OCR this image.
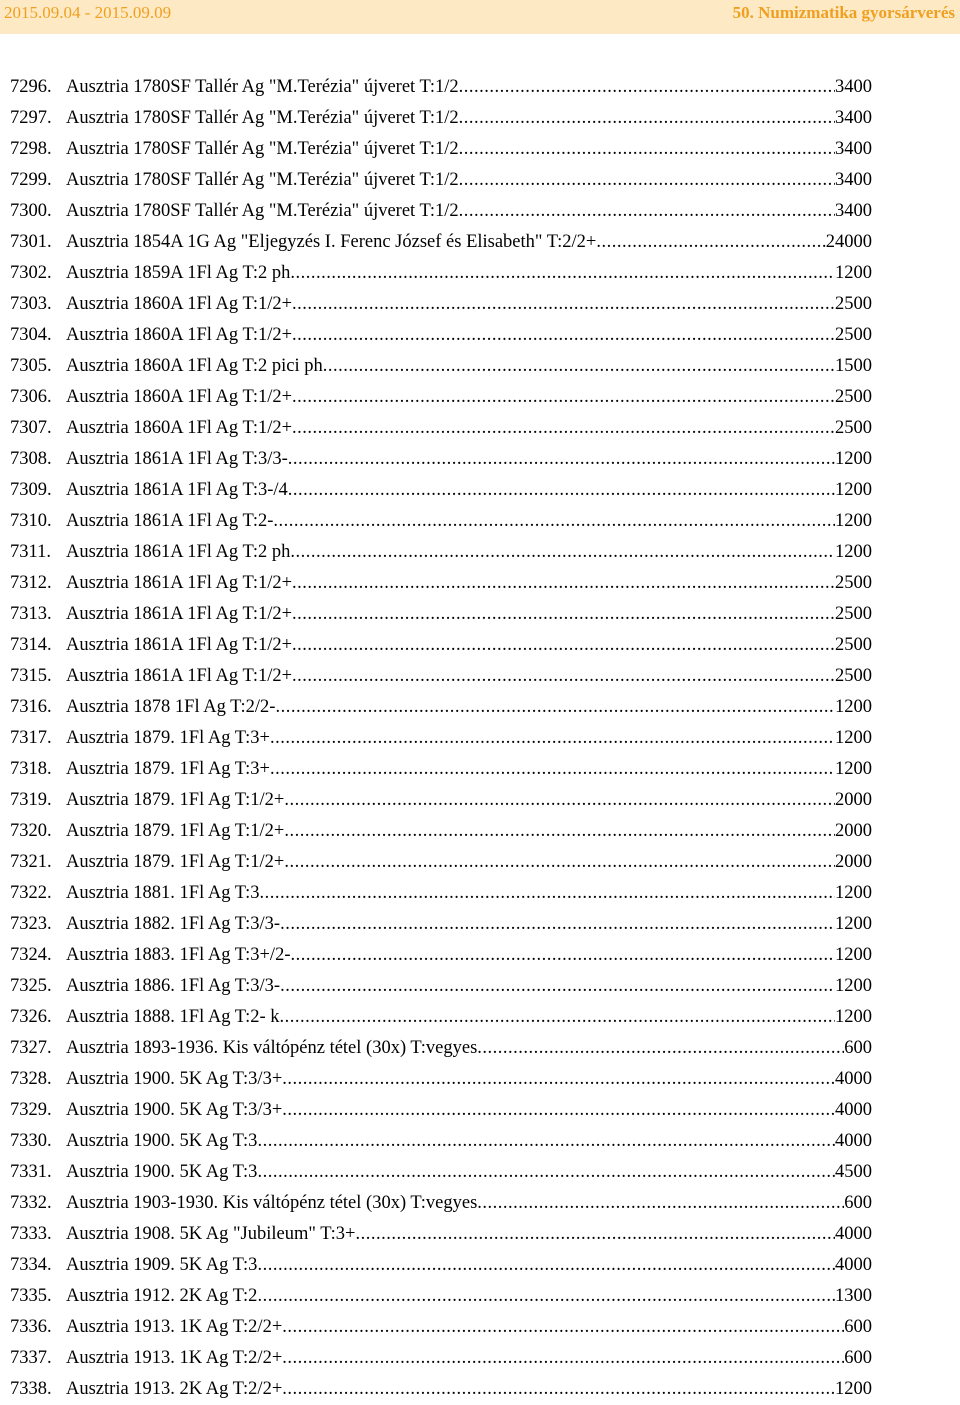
2015.09.04 - 2015.09.09	50. Numizmatika gyorsárverés
7296. Ausztria 1780SF Tallér Ag "M.Terézia" újveret T:1/2 .....	3400
7297. Ausztria 1780SF Tallér Ag "M.Terézia" újveret T:1/2 .....	3400
7298. Ausztria 1780SF Tallér Ag "M.Terézia" újveret T:1/2 .....	3400
7299. Ausztria 1780SF Tallér Ag "M.Terézia" újveret T:1/2 .....	3400
7300. Ausztria 1780SF Tallér Ag "M.Terézia" újveret T:1/2 .....	3400
7301. Ausztria 1854A 1G Ag "Eljegyzés I. Ferenc József és Elisabeth" T:2/2+ .....	24000
7302. Ausztria 1859A 1Fl Ag T:2 ph .....	1200
7303. Ausztria 1860A 1Fl Ag T:1/2+ .....	2500
7304. Ausztria 1860A 1Fl Ag T:1/2+ .....	2500
7305. Ausztria 1860A 1Fl Ag T:2 pici ph .....	1500
7306. Ausztria 1860A 1Fl Ag T:1/2+ .....	2500
7307. Ausztria 1860A 1Fl Ag T:1/2+ .....	2500
7308. Ausztria 1861A 1Fl Ag T:3/3- .....	1200
7309. Ausztria 1861A 1Fl Ag T:3-/4 .....	1200
7310. Ausztria 1861A 1Fl Ag T:2- .....	1200
7311. Ausztria 1861A 1Fl Ag T:2 ph .....	1200
7312. Ausztria 1861A 1Fl Ag T:1/2+ .....	2500
7313. Ausztria 1861A 1Fl Ag T:1/2+ .....	2500
7314. Ausztria 1861A 1Fl Ag T:1/2+ .....	2500
7315. Ausztria 1861A 1Fl Ag T:1/2+ .....	2500
7316. Ausztria 1878 1Fl Ag T:2/2- .....	1200
7317. Ausztria 1879. 1Fl Ag T:3+ .....	1200
7318. Ausztria 1879. 1Fl Ag T:3+ .....	1200
7319. Ausztria 1879. 1Fl Ag T:1/2+ .....	2000
7320. Ausztria 1879. 1Fl Ag T:1/2+ .....	2000
7321. Ausztria 1879. 1Fl Ag T:1/2+ .....	2000
7322. Ausztria 1881. 1Fl Ag T:3 .....	1200
7323. Ausztria 1882. 1Fl Ag T:3/3- .....	1200
7324. Ausztria 1883. 1Fl Ag T:3+/2- .....	1200
7325. Ausztria 1886. 1Fl Ag T:3/3- .....	1200
7326. Ausztria 1888. 1Fl Ag T:2- k .....	1200
7327. Ausztria 1893-1936. Kis váltópénz tétel (30x) T:vegyes .....	600
7328. Ausztria 1900. 5K Ag T:3/3+ .....	4000
7329. Ausztria 1900. 5K Ag T:3/3+ .....	4000
7330. Ausztria 1900. 5K Ag T:3 .....	4000
7331. Ausztria 1900. 5K Ag T:3 .....	4500
7332. Ausztria 1903-1930. Kis váltópénz tétel (30x) T:vegyes .....	600
7333. Ausztria 1908. 5K Ag "Jubileum" T:3+ .....	4000
7334. Ausztria 1909. 5K Ag T:3 .....	4000
7335. Ausztria 1912. 2K Ag T:2 .....	1300
7336. Ausztria 1913. 1K Ag T:2/2+ .....	600
7337. Ausztria 1913. 1K Ag T:2/2+ .....	600
7338. Ausztria 1913. 2K Ag T:2/2+ .....	1200
